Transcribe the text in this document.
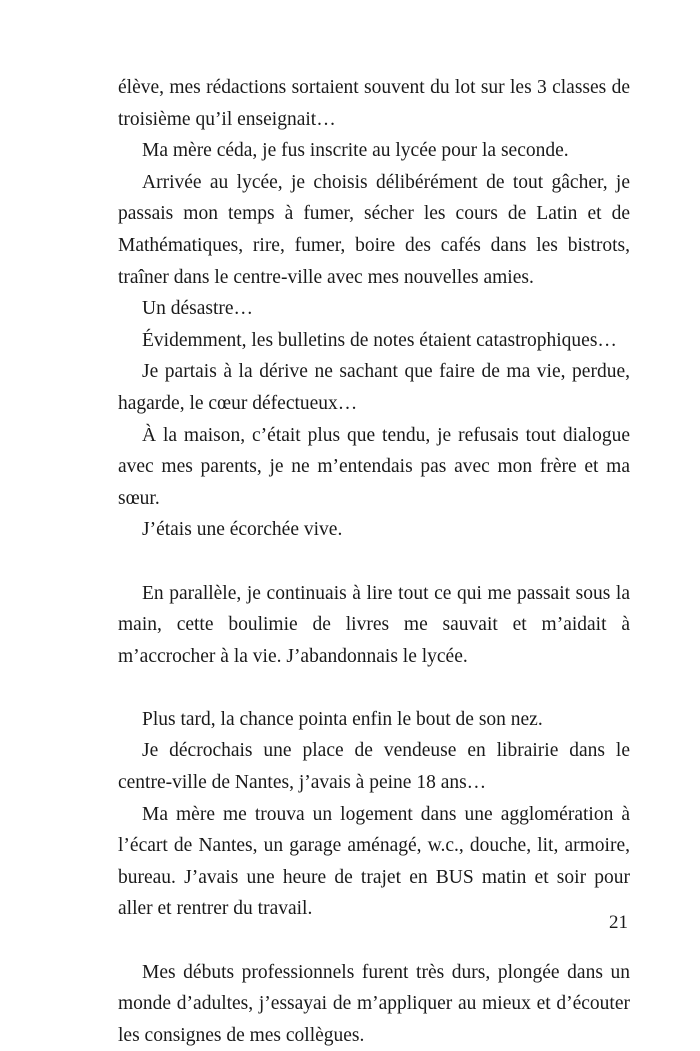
élève, mes rédactions sortaient souvent du lot sur les 3 classes de troisième qu’il enseignait…

Ma mère céda, je fus inscrite au lycée pour la seconde.

Arrivée au lycée, je choisis délibérément de tout gâcher, je passais mon temps à fumer, sécher les cours de Latin et de Mathématiques, rire, fumer, boire des cafés dans les bistrots, traîner dans le centre-ville avec mes nouvelles amies.

Un désastre…

Évidemment, les bulletins de notes étaient catastrophiques…

Je partais à la dérive ne sachant que faire de ma vie, perdue, hagarde, le cœur défectueux…

À la maison, c’était plus que tendu, je refusais tout dialogue avec mes parents, je ne m’entendais pas avec mon frère et ma sœur.

J’étais une écorchée vive.

En parallèle, je continuais à lire tout ce qui me passait sous la main, cette boulimie de livres me sauvait et m’aidait à m’accrocher à la vie. J’abandonnais le lycée.

Plus tard, la chance pointa enfin le bout de son nez.

Je décrochais une place de vendeuse en librairie dans le centre-ville de Nantes, j’avais à peine 18 ans…

Ma mère me trouva un logement dans une agglomération à l’écart de Nantes, un garage aménagé, w.c., douche, lit, armoire, bureau. J’avais une heure de trajet en BUS matin et soir pour aller et rentrer du travail.

Mes débuts professionnels furent très durs, plongée dans un monde d’adultes, j’essayai de m’appliquer au mieux et d’écouter les consignes de mes collègues.

21
